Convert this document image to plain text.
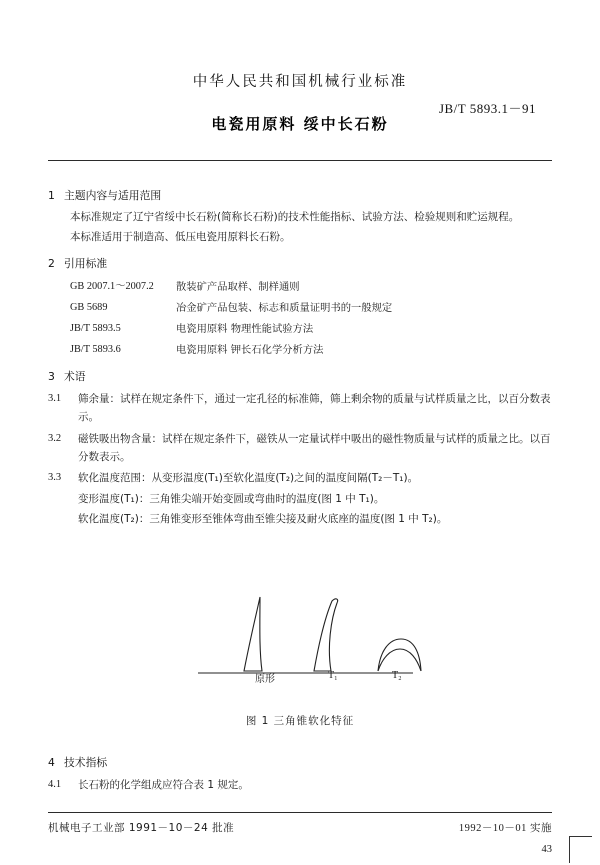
中华人民共和国机械行业标准
电瓷用原料 绥中长石粉
JB/T 5893.1－91
1 主题内容与适用范围
本标准规定了辽宁省绥中长石粉(简称长石粉)的技术性能指标、试验方法、检验规则和贮运规程。
本标准适用于制造高、低压电瓷用原料长石粉。
2 引用标准
GB 2007.1～2007.2	散装矿产品取样、制样通则
GB 5689	冶金矿产品包装、标志和质量证明书的一般规定
JB/T 5893.5	电瓷用原料 物理性能试验方法
JB/T 5893.6	电瓷用原料 钾长石化学分析方法
3 术语
3.1	筛余量：试样在规定条件下，通过一定孔径的标准筛，筛上剩余物的质量与试样质量之比，以百分数表示。
3.2	磁铁吸出物含量：试样在规定条件下，磁铁从一定量试样中吸出的磁性物质量与试样的质量之比。以百分数表示。
3.3	软化温度范围：从变形温度(T₁)至软化温度(T₂)之间的温度间隔(T₂－T₁)。
变形温度(T₁)：三角锥尖端开始变圆或弯曲时的温度(图 1 中 T₁)。
软化温度(T₂)：三角锥变形至锥体弯曲至锥尖接及耐火底座的温度(图 1 中 T₂)。
原形	T₁	T₂
图 1 三角锥软化特征
4 技术指标
4.1	长石粉的化学组成应符合表 1 规定。
机械电子工业部 1991－10－24 批准	1992－10－01 实施
43
